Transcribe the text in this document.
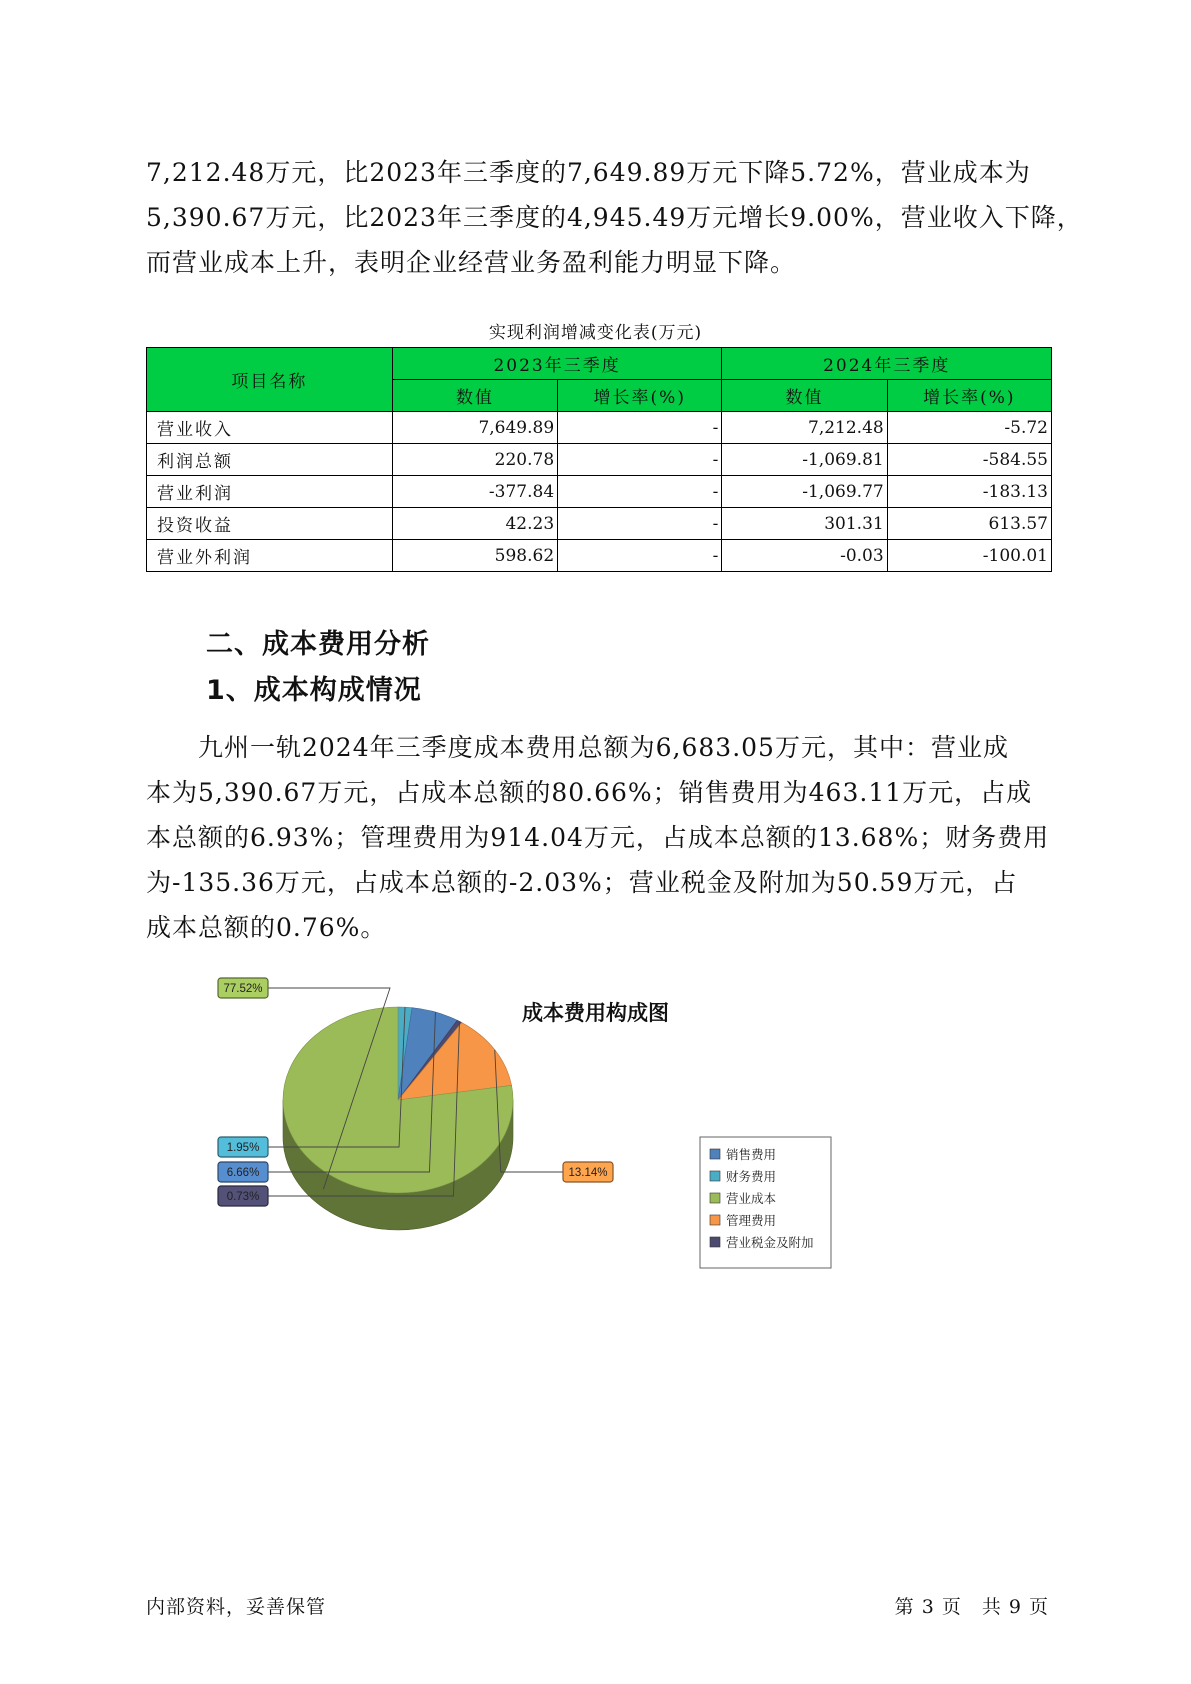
7,212.48万元，比2023年三季度的7,649.89万元下降5.72%，营业成本为
5,390.67万元，比2023年三季度的4,945.49万元增长9.00%，营业收入下降，
而营业成本上升，表明企业经营业务盈利能力明显下降。
实现利润增减变化表(万元)
项目名称	2023年三季度		2024年三季度	
	数值	增长率(%)	数值	增长率(%)
营业收入	7,649.89	-	7,212.48	-5.72
利润总额	220.78	-	-1,069.81	-584.55
营业利润	-377.84	-	-1,069.77	-183.13
投资收益	42.23	-	301.31	613.57
营业外利润	598.62	-	-0.03	-100.01
二、成本费用分析
1、成本构成情况
　　九州一轨2024年三季度成本费用总额为6,683.05万元，其中：营业成
本为5,390.67万元，占成本总额的80.66%；销售费用为463.11万元，占成
本总额的6.93%；管理费用为914.04万元，占成本总额的13.68%；财务费用
为-135.36万元，占成本总额的-2.03%；营业税金及附加为50.59万元，占
成本总额的0.76%。
成本费用构成图
1.95%
6.66%
0.73%
13.14%
77.52%
销售费用
财务费用
营业成本
管理费用
营业税金及附加
内部资料，妥善保管	第 3 页　共 9 页
